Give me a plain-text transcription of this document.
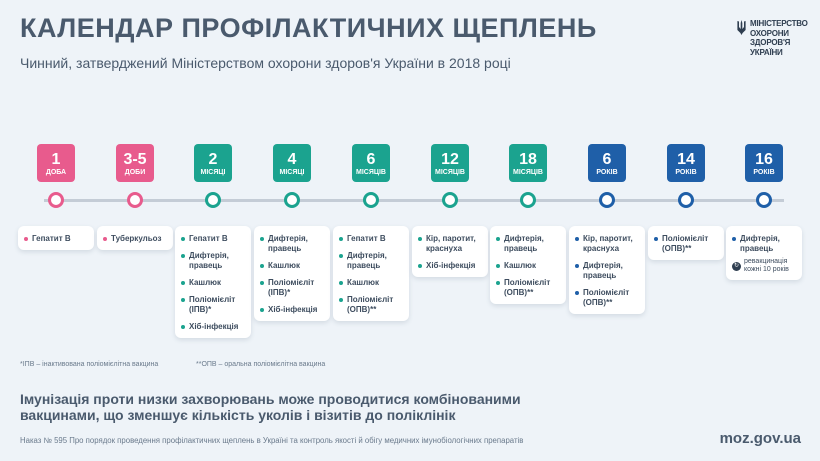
КАЛЕНДАР ПРОФІЛАКТИЧНИХ ЩЕПЛЕНЬ
Чинний, затверджений Міністерством охорони здоров'я України в 2018 році
МІНІСТЕРСТВО
ОХОРОНИ
ЗДОРОВ'Я
УКРАЇНИ
1
ДОБА
Гепатит В
3-5
ДОБИ
Туберкульоз
2
МІСЯЦІ
Гепатит В
Дифтерія, правець
Кашлюк
Поліомієліт (ІПВ)*
Хіб-інфекція
4
МІСЯЦІ
Дифтерія, правець
Кашлюк
Поліомієліт (ІПВ)*
Хіб-інфекція
6
МІСЯЦІВ
Гепатит В
Дифтерія, правець
Кашлюк
Поліомієліт (ОПВ)**
12
МІСЯЦІВ
Кір, паротит, краснуха
Хіб-інфекція
18
МІСЯЦІВ
Дифтерія, правець
Кашлюк
Поліомієліт (ОПВ)**
6
РОКІВ
Кір, паротит, краснуха
Дифтерія, правець
Поліомієліт (ОПВ)**
14
РОКІВ
Поліомієліт (ОПВ)**
16
РОКІВ
Дифтерія, правець
↻
ревакцинація кожні 10 років
*ІПВ – інактивована поліомієлітна вакцина	**ОПВ – оральна поліомієлітна вакцина
Імунізація проти низки захворювань може проводитися комбінованими вакцинами, що зменшує кількість уколів і візитів до поліклінік
Наказ № 595 Про порядок проведення профілактичних щеплень в Україні та контроль якості й обігу медичних імунобіологічних препаратів	moz.gov.ua
